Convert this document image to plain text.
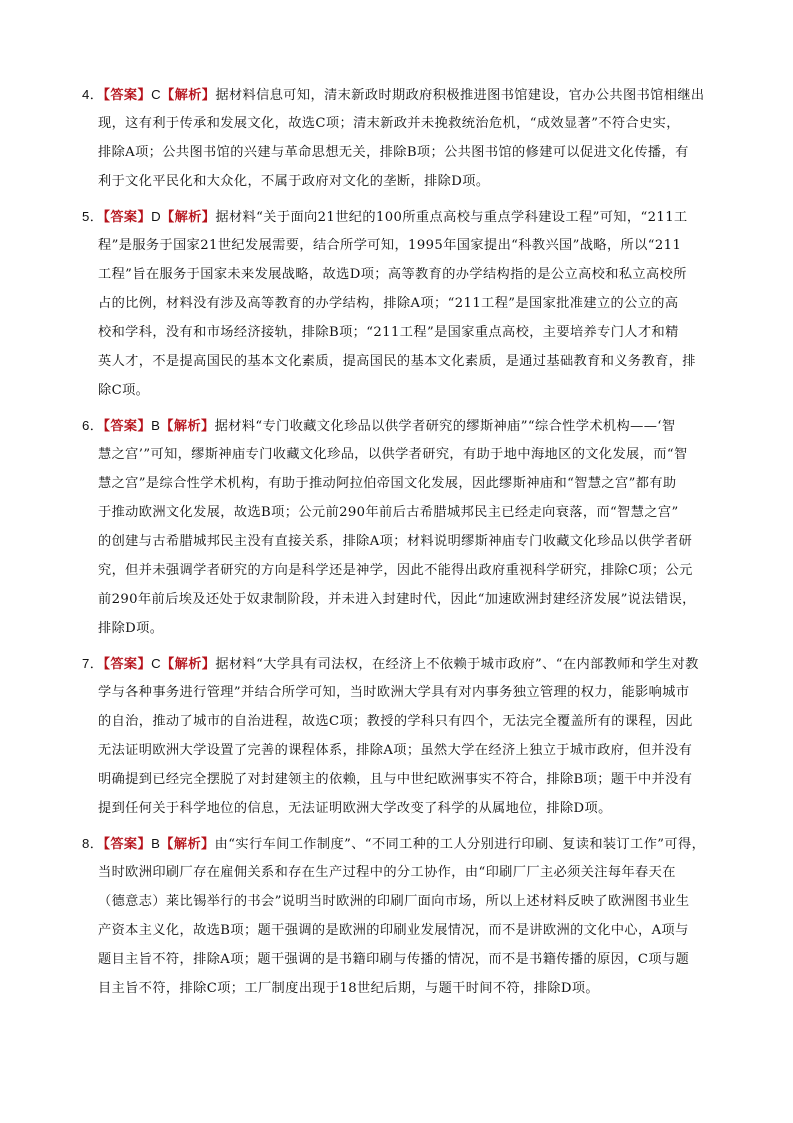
4．【答案】C【解析】据材料信息可知，清末新政时期政府积极推进图书馆建设，官办公共图书馆相继出
现，这有利于传承和发展文化，故选C项；清末新政并未挽救统治危机，“成效显著”不符合史实，
排除A项；公共图书馆的兴建与革命思想无关，排除B项；公共图书馆的修建可以促进文化传播，有
利于文化平民化和大众化，不属于政府对文化的垄断，排除D项。
5．【答案】D【解析】据材料“关于面向21世纪的100所重点高校与重点学科建设工程”可知，“211工
程”是服务于国家21世纪发展需要，结合所学可知，1995年国家提出“科教兴国”战略，所以“211
工程”旨在服务于国家未来发展战略，故选D项；高等教育的办学结构指的是公立高校和私立高校所
占的比例，材料没有涉及高等教育的办学结构，排除A项；“211工程”是国家批准建立的公立的高
校和学科，没有和市场经济接轨，排除B项；“211工程”是国家重点高校，主要培养专门人才和精
英人才，不是提高国民的基本文化素质，提高国民的基本文化素质，是通过基础教育和义务教育，排
除C项。
6．【答案】B【解析】据材料“专门收藏文化珍品以供学者研究的缪斯神庙”“综合性学术机构——‘智
慧之宫’”可知，缪斯神庙专门收藏文化珍品，以供学者研究，有助于地中海地区的文化发展，而“智
慧之宫”是综合性学术机构，有助于推动阿拉伯帝国文化发展，因此缪斯神庙和“智慧之宫”都有助
于推动欧洲文化发展，故选B项；公元前290年前后古希腊城邦民主已经走向衰落，而“智慧之宫”
的创建与古希腊城邦民主没有直接关系，排除A项；材料说明缪斯神庙专门收藏文化珍品以供学者研
究，但并未强调学者研究的方向是科学还是神学，因此不能得出政府重视科学研究，排除C项；公元
前290年前后埃及还处于奴隶制阶段，并未进入封建时代，因此“加速欧洲封建经济发展”说法错误，
排除D项。
7．【答案】C【解析】据材料“大学具有司法权，在经济上不依赖于城市政府”、“在内部教师和学生对教
学与各种事务进行管理”并结合所学可知，当时欧洲大学具有对内事务独立管理的权力，能影响城市
的自治，推动了城市的自治进程，故选C项；教授的学科只有四个，无法完全覆盖所有的课程，因此
无法证明欧洲大学设置了完善的课程体系，排除A项；虽然大学在经济上独立于城市政府，但并没有
明确提到已经完全摆脱了对封建领主的依赖，且与中世纪欧洲事实不符合，排除B项；题干中并没有
提到任何关于科学地位的信息，无法证明欧洲大学改变了科学的从属地位，排除D项。
8．【答案】B【解析】由“实行车间工作制度”、“不同工种的工人分别进行印刷、复读和装订工作”可得，
当时欧洲印刷厂存在雇佣关系和存在生产过程中的分工协作，由“印刷厂厂主必须关注每年春天在
（德意志）莱比锡举行的书会”说明当时欧洲的印刷厂面向市场，所以上述材料反映了欧洲图书业生
产资本主义化，故选B项；题干强调的是欧洲的印刷业发展情况，而不是讲欧洲的文化中心，A项与
题目主旨不符，排除A项；题干强调的是书籍印刷与传播的情况，而不是书籍传播的原因，C项与题
目主旨不符，排除C项；工厂制度出现于18世纪后期，与题干时间不符，排除D项。
